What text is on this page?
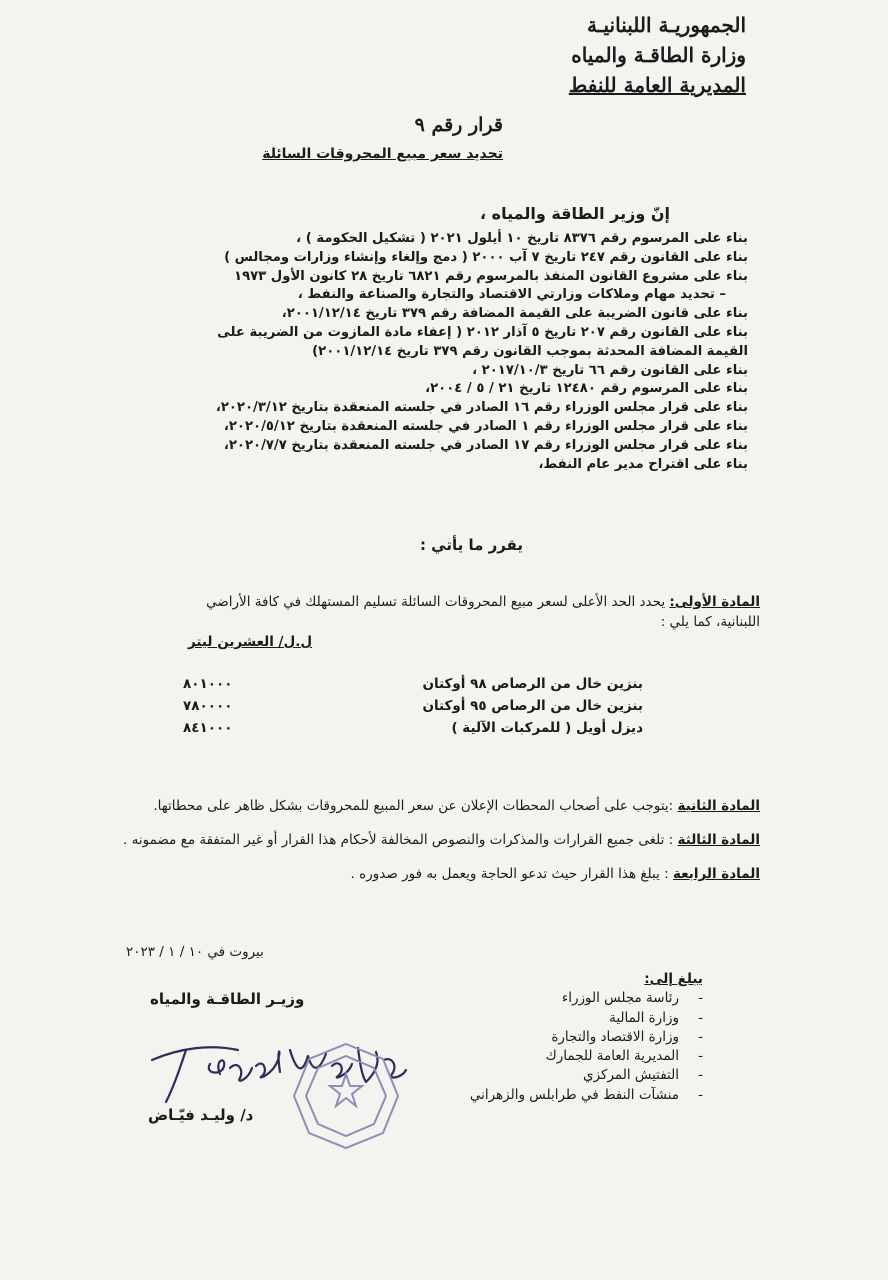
الجمهوريـة اللبنانيـة
وزارة الطاقـة والمياه
المديرية العامة للنفط
قرار رقم ٩
تحديد سعر مبيع المحروقات السائلة
إنّ وزير الطاقة والمياه ،
بناء على المرسوم رقم ٨٣٧٦ تاريخ ١٠ أيلول ٢٠٢١ ( تشكيل الحكومة ) ،
بناء على القانون رقم ٢٤٧ تاريخ ٧ آب ٢٠٠٠ ( دمج وإلغاء وإنشاء وزارات ومجالس )
بناء على مشروع القانون المنفذ بالمرسوم رقم ٦٨٢١ تاريخ ٢٨ كانون الأول ١٩٧٣
– تحديد مهام وملاكات وزارتي الاقتصاد والتجارة والصناعة والنفط ،
بناء على قانون الضريبة على القيمة المضافة رقم ٣٧٩ تاريخ ٢٠٠١/١٢/١٤،
بناء على القانون رقم ٢٠٧ تاريخ ٥ آذار ٢٠١٢ ( إعفاء مادة المازوت من الضريبة على
القيمة المضافة المحدثة بموجب القانون رقم ٣٧٩ تاريخ ٢٠٠١/١٢/١٤)
بناء على القانون رقم ٦٦ تاريخ ٢٠١٧/١٠/٣ ،
بناء على المرسوم رقم ١٢٤٨٠ تاريخ ٢١ / ٥ / ٢٠٠٤،
بناء على قرار مجلس الوزراء رقم ١٦ الصادر في جلسته المنعقدة بتاريخ ٢٠٢٠/٣/١٢،
بناء على قرار مجلس الوزراء رقم ١ الصادر في جلسته المنعقدة بتاريخ ٢٠٢٠/٥/١٢،
بناء على قرار مجلس الوزراء رقم ١٧ الصادر في جلسته المنعقدة بتاريخ ٢٠٢٠/٧/٧،
بناء على اقتراح مدير عام النفط،
يقرر ما يأتي :
المادة الأولى: يحدد الحد الأعلى لسعر مبيع المحروقات السائلة تسليم المستهلك في كافة الأراضي اللبنانية، كما يلي :
ل.ل/ العشرين ليتر
بنزين خال من الرصاص ٩٨ أوكتان
٨٠١٠٠٠
بنزين خال من الرصاص ٩٥ أوكتان
٧٨٠٠٠٠
ديزل أويل ( للمركبات الآلية )
٨٤١٠٠٠
المادة الثانية :يتوجب على أصحاب المحطات الإعلان عن سعر المبيع للمحروقات بشكل ظاهر على محطاتها.
المادة الثالثة : تلغى جميع القرارات والمذكرات والنصوص المخالفة لأحكام هذا القرار أو غير المتفقة مع مضمونه .
المادة الرابعة : يبلغ هذا القرار حيث تدعو الحاجة ويعمل به فور صدوره .
بيروت في ١٠ / ١ / ٢٠٢٣
وزيـر الطاقـة والمياه
د/ وليـد فيّـاض
يبلغ إلى:
- رئاسة مجلس الوزراء
- وزارة المالية
- وزارة الاقتصاد والتجارة
- المديرية العامة للجمارك
- التفتيش المركزي
- منشآت النفط في طرابلس والزهراني
